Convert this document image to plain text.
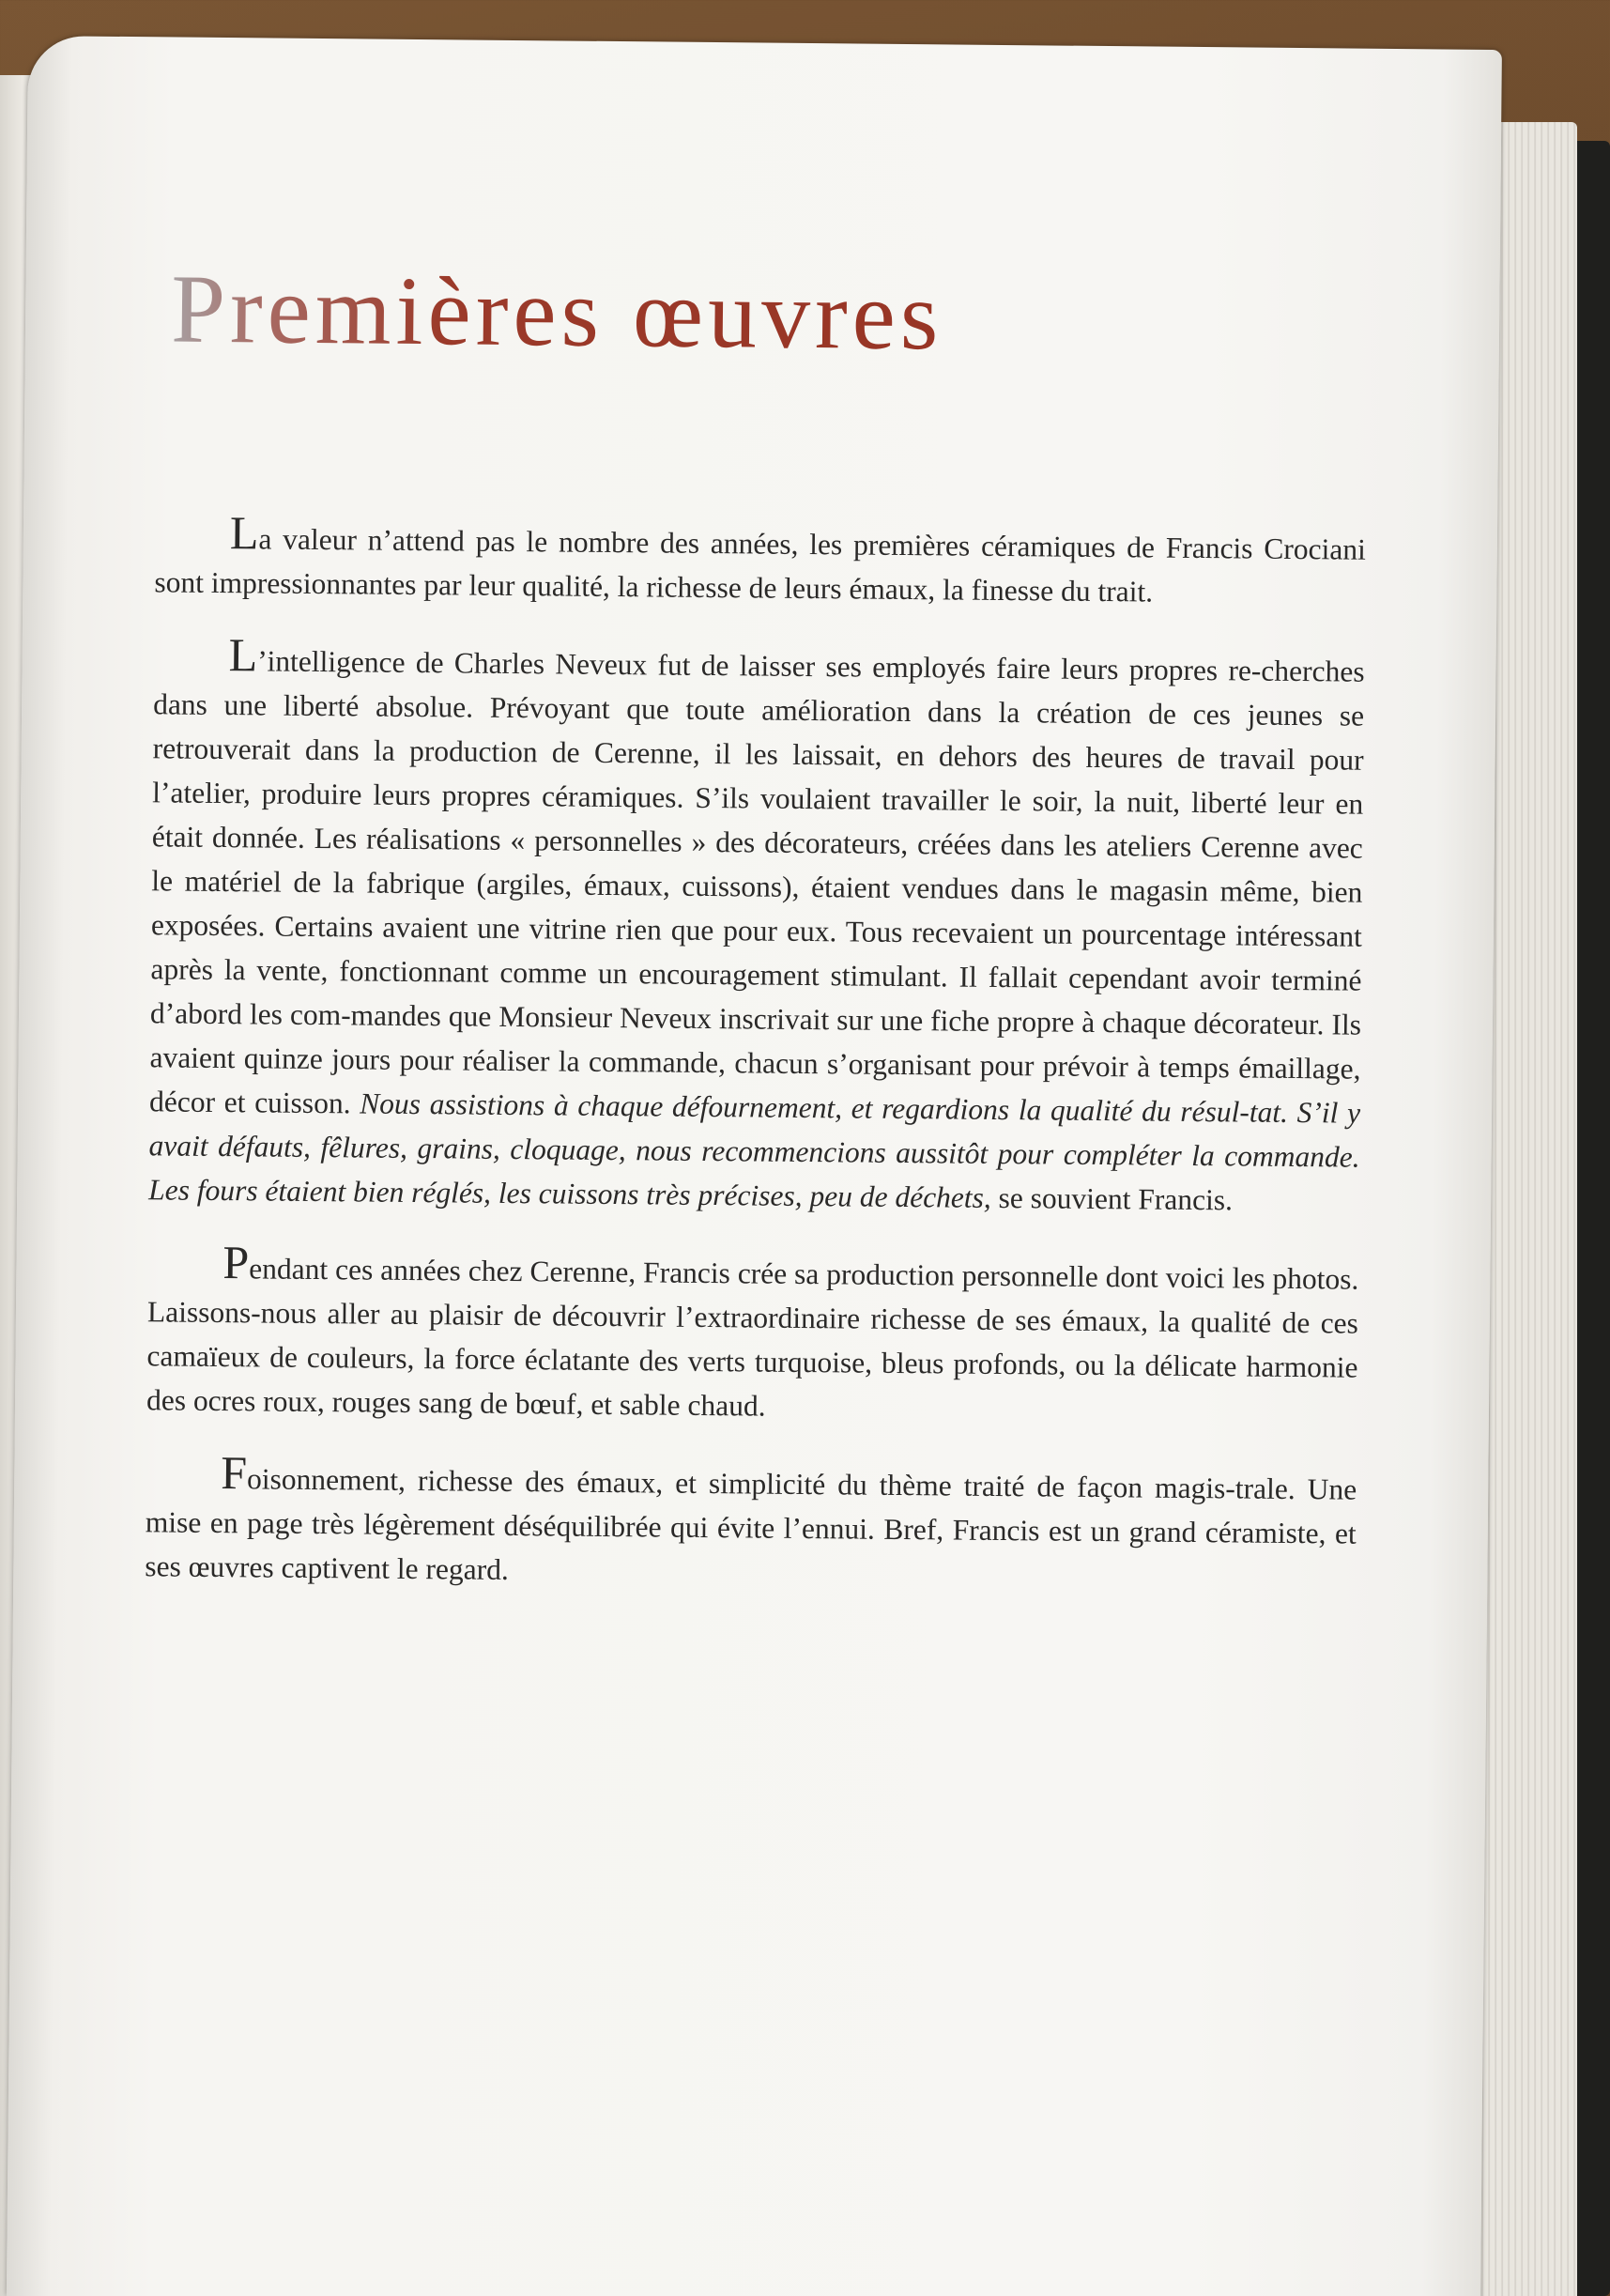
Premières œuvres

La valeur n’attend pas le nombre des années, les premières céramiques de Francis Crociani sont impressionnantes par leur qualité, la richesse de leurs émaux, la finesse du trait.

L’intelligence de Charles Neveux fut de laisser ses employés faire leurs propres re-cherches dans une liberté absolue. Prévoyant que toute amélioration dans la création de ces jeunes se retrouverait dans la production de Cerenne, il les laissait, en dehors des heures de travail pour l’atelier, produire leurs propres céramiques. S’ils voulaient travailler le soir, la nuit, liberté leur en était donnée. Les réalisations « personnelles » des décorateurs, créées dans les ateliers Cerenne avec le matériel de la fabrique (argiles, émaux, cuissons), étaient vendues dans le magasin même, bien exposées. Certains avaient une vitrine rien que pour eux. Tous recevaient un pourcentage intéressant après la vente, fonctionnant comme un encouragement stimulant. Il fallait cependant avoir terminé d’abord les com-mandes que Monsieur Neveux inscrivait sur une fiche propre à chaque décorateur. Ils avaient quinze jours pour réaliser la commande, chacun s’organisant pour prévoir à temps émaillage, décor et cuisson. Nous assistions à chaque défournement, et regardions la qualité du résul-tat. S’il y avait défauts, fêlures, grains, cloquage, nous recommencions aussitôt pour compléter la commande. Les fours étaient bien réglés, les cuissons très précises, peu de déchets, se souvient Francis.

Pendant ces années chez Cerenne, Francis crée sa production personnelle dont voici les photos. Laissons-nous aller au plaisir de découvrir l’extraordinaire richesse de ses émaux, la qualité de ces camaïeux de couleurs, la force éclatante des verts turquoise, bleus profonds, ou la délicate harmonie des ocres roux, rouges sang de bœuf, et sable chaud.

Foisonnement, richesse des émaux, et simplicité du thème traité de façon magis-trale. Une mise en page très légèrement déséquilibrée qui évite l’ennui. Bref, Francis est un grand céramiste, et ses œuvres captivent le regard.
